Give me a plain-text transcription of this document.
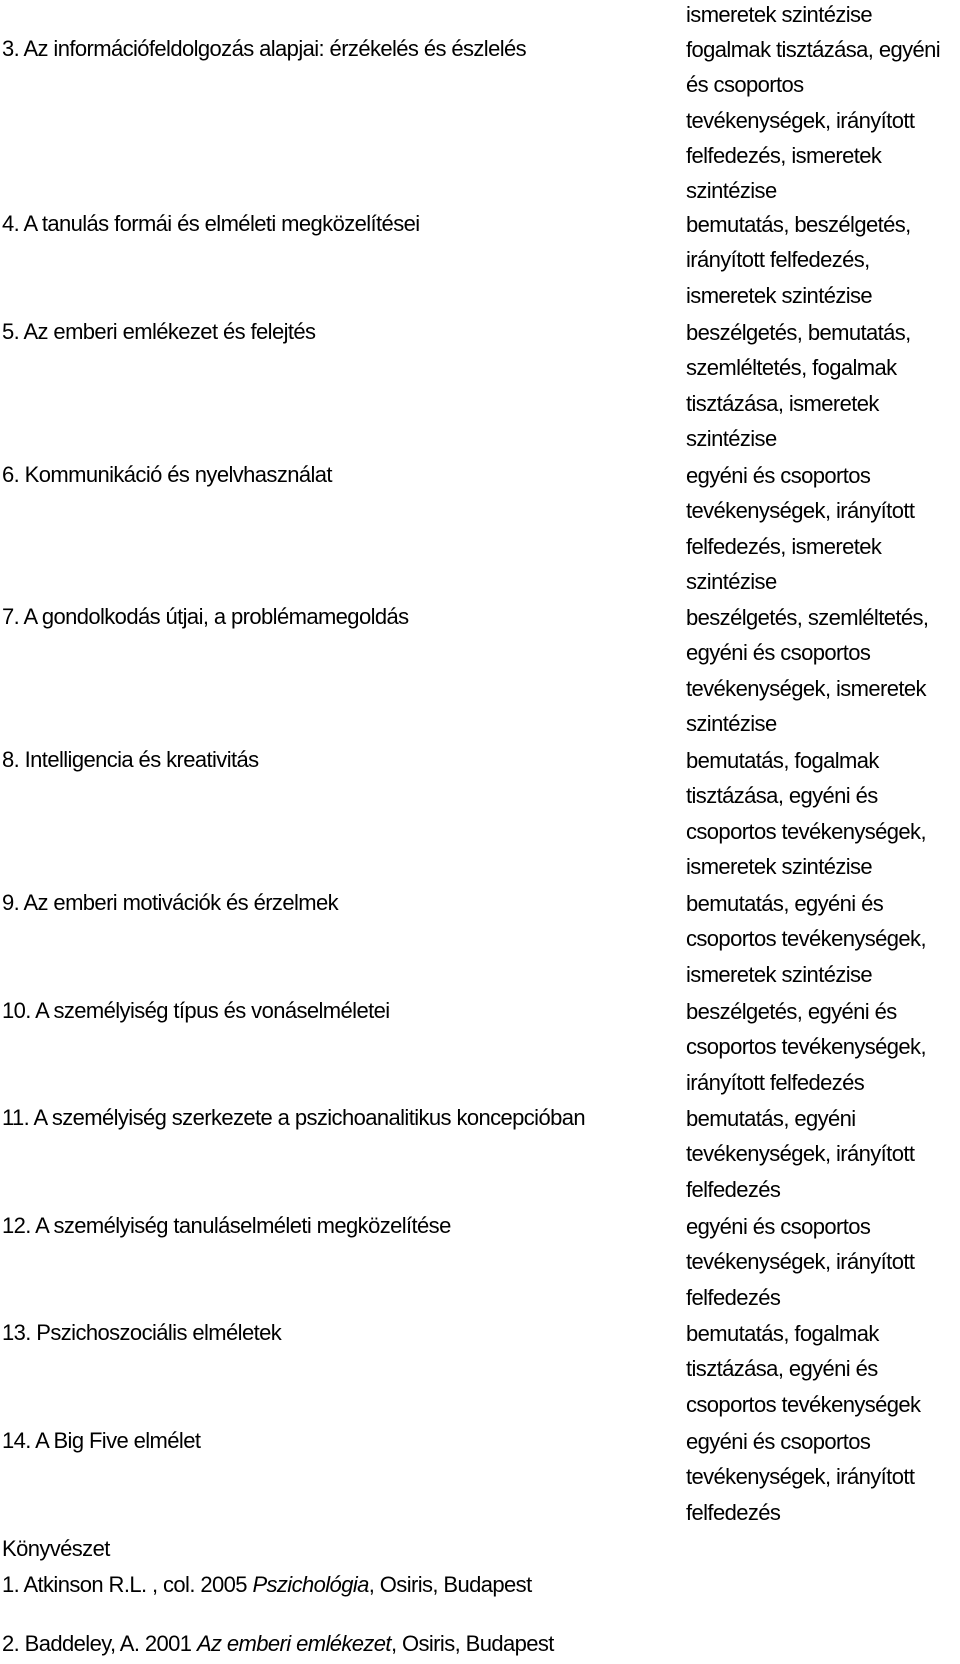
ismeretek szintézise
3. Az információfeldolgozás alapjai: érzékelés és észlelés	fogalmak tisztázása, egyéni
és csoportos
tevékenységek, irányított
felfedezés, ismeretek
szintézise
4. A tanulás formái és elméleti megközelítései	bemutatás, beszélgetés,
irányított felfedezés,
ismeretek szintézise
5. Az emberi emlékezet és felejtés	beszélgetés, bemutatás,
szemléltetés, fogalmak
tisztázása, ismeretek
szintézise
6. Kommunikáció és nyelvhasználat	egyéni és csoportos
tevékenységek, irányított
felfedezés, ismeretek
szintézise
7. A gondolkodás útjai, a problémamegoldás	beszélgetés, szemléltetés,
egyéni és csoportos
tevékenységek, ismeretek
szintézise
8. Intelligencia és kreativitás	bemutatás, fogalmak
tisztázása, egyéni és
csoportos tevékenységek,
ismeretek szintézise
9. Az emberi motivációk és érzelmek	bemutatás, egyéni és
csoportos tevékenységek,
ismeretek szintézise
10. A személyiség típus és vonáselméletei	beszélgetés, egyéni és
csoportos tevékenységek,
irányított felfedezés
11. A személyiség szerkezete a pszichoanalitikus koncepcióban	bemutatás, egyéni
tevékenységek, irányított
felfedezés
12. A személyiség tanuláselméleti megközelítése	egyéni és csoportos
tevékenységek, irányított
felfedezés
13. Pszichoszociális elméletek	bemutatás, fogalmak
tisztázása, egyéni és
csoportos tevékenységek
14. A Big Five elmélet	egyéni és csoportos
tevékenységek, irányított
felfedezés
Könyvészet
1. Atkinson R.L. , col. 2005 Pszichológia, Osiris, Budapest
2. Baddeley, A. 2001 Az emberi emlékezet, Osiris, Budapest
